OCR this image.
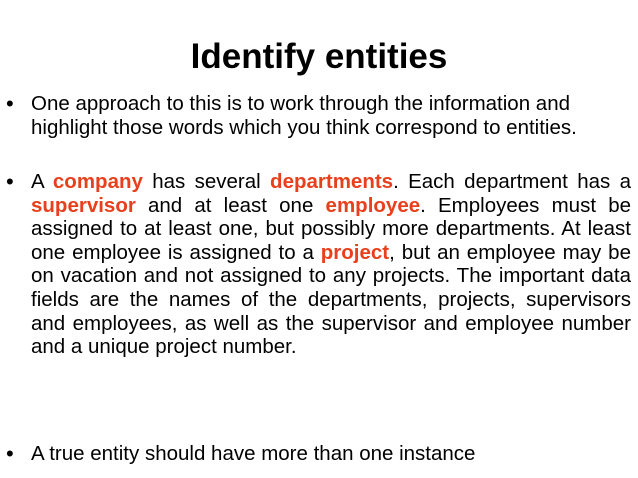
Identify entities
• One approach to this is to work through the information and highlight those words which you think correspond to entities.

• A company has several departments. Each department has a supervisor and at least one employee. Employees must be assigned to at least one, but possibly more departments. At least one employee is assigned to a project, but an employee may be on vacation and not assigned to any projects. The important data fields are the names of the departments, projects, supervisors and employees, as well as the supervisor and employee number and a unique project number.

• A true entity should have more than one instance
